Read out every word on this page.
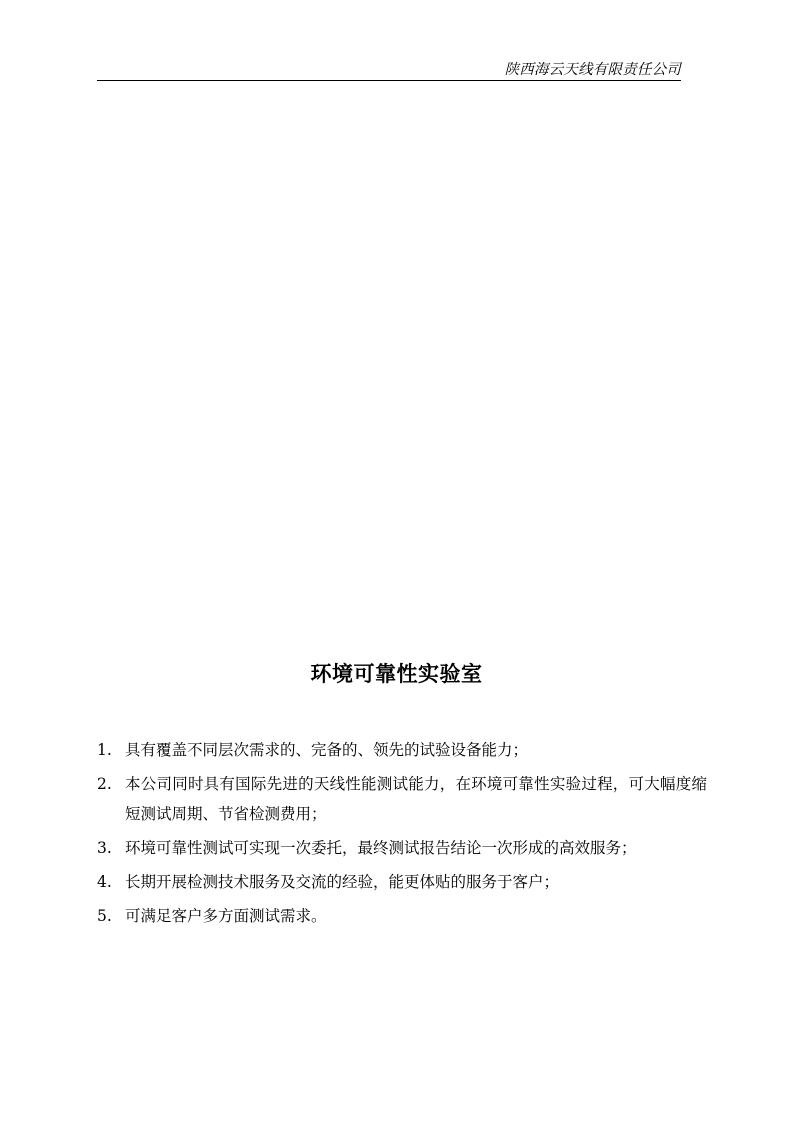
陕西海云天线有限责任公司
环境可靠性实验室
1. 具有覆盖不同层次需求的、完备的、领先的试验设备能力；
2. 本公司同时具有国际先进的天线性能测试能力，在环境可靠性实验过程，可大幅度缩短测试周期、节省检测费用；
3. 环境可靠性测试可实现一次委托，最终测试报告结论一次形成的高效服务；
4. 长期开展检测技术服务及交流的经验，能更体贴的服务于客户；
5. 可满足客户多方面测试需求。
